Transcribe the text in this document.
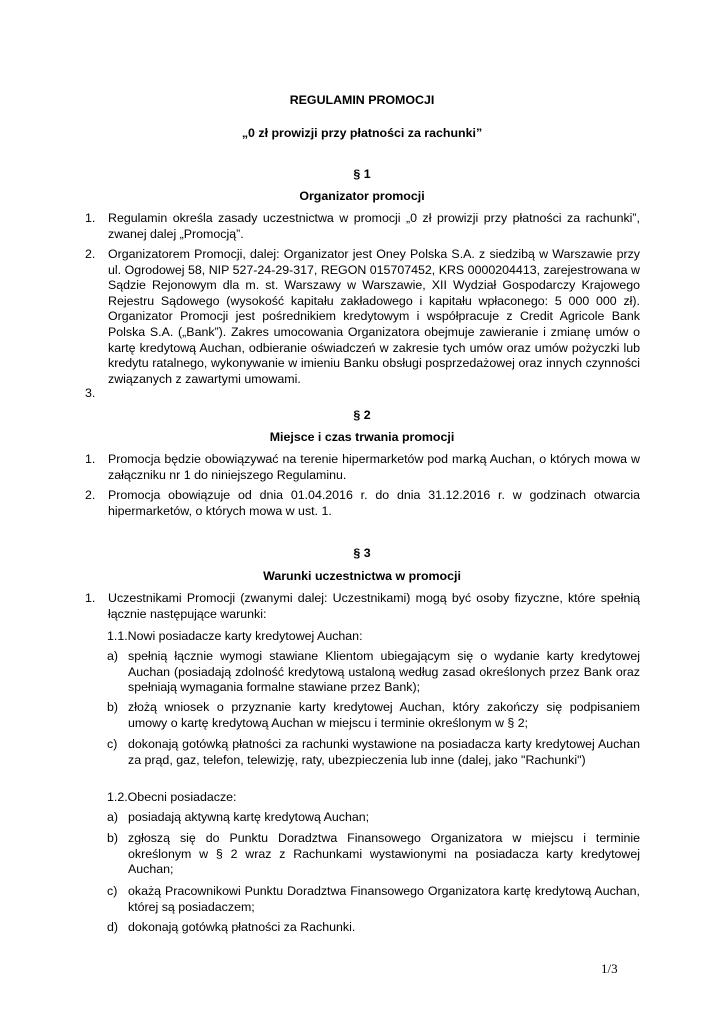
REGULAMIN PROMOCJI
„0 zł prowizji przy płatności za rachunki”
§ 1
Organizator promocji
1. Regulamin określa zasady uczestnictwa w promocji „0 zł prowizji przy płatności za rachunki”, zwanej dalej „Promocją”.
2. Organizatorem Promocji, dalej: Organizator jest Oney Polska S.A. z siedzibą w Warszawie przy ul. Ogrodowej 58, NIP 527-24-29-317, REGON 015707452, KRS 0000204413, zarejestrowana w Sądzie Rejonowym dla m. st. Warszawy w Warszawie, XII Wydział Gospodarczy Krajowego Rejestru Sądowego (wysokość kapitału zakładowego i kapitału wpłaconego: 5 000 000 zł). Organizator Promocji jest pośrednikiem kredytowym i współpracuje z Credit Agricole Bank Polska S.A. („Bank”). Zakres umocowania Organizatora obejmuje zawieranie i zmianę umów o kartę kredytową Auchan, odbieranie oświadczeń w zakresie tych umów oraz umów pożyczki lub kredytu ratalnego, wykonywanie w imieniu Banku obsługi posprzedażowej oraz innych czynności związanych z zawartymi umowami.
3.
§ 2
Miejsce i czas trwania promocji
1. Promocja będzie obowiązywać na terenie hipermarketów pod marką Auchan, o których mowa w załączniku nr 1 do niniejszego Regulaminu.
2. Promocja obowiązuje od dnia 01.04.2016 r. do dnia 31.12.2016 r. w godzinach otwarcia hipermarketów, o których mowa w ust. 1.
§ 3
Warunki uczestnictwa w promocji
1. Uczestnikami Promocji (zwanymi dalej: Uczestnikami) mogą być osoby fizyczne, które spełnią łącznie następujące warunki:
1.1.Nowi posiadacze karty kredytowej Auchan:
a) spełnią łącznie wymogi stawiane Klientom ubiegającym się o wydanie karty kredytowej Auchan (posiadają zdolność kredytową ustaloną według zasad określonych przez Bank oraz spełniają wymagania formalne stawiane przez Bank);
b) złożą wniosek o przyznanie karty kredytowej Auchan, który zakończy się podpisaniem umowy o kartę kredytową Auchan w miejscu i terminie określonym w § 2;
c) dokonają gotówką płatności za rachunki wystawione na posiadacza karty kredytowej Auchan za prąd, gaz, telefon, telewizję, raty, ubezpieczenia lub inne (dalej, jako "Rachunki")
1.2.Obecni posiadacze:
a) posiadają aktywną kartę kredytową Auchan;
b) zgłoszą się do Punktu Doradztwa Finansowego Organizatora w miejscu i terminie określonym w § 2 wraz z Rachunkami wystawionymi na posiadacza karty kredytowej Auchan;
c) okażą Pracownikowi Punktu Doradztwa Finansowego Organizatora kartę kredytową Auchan, której są posiadaczem;
d) dokonają gotówką płatności za Rachunki.
1/3
